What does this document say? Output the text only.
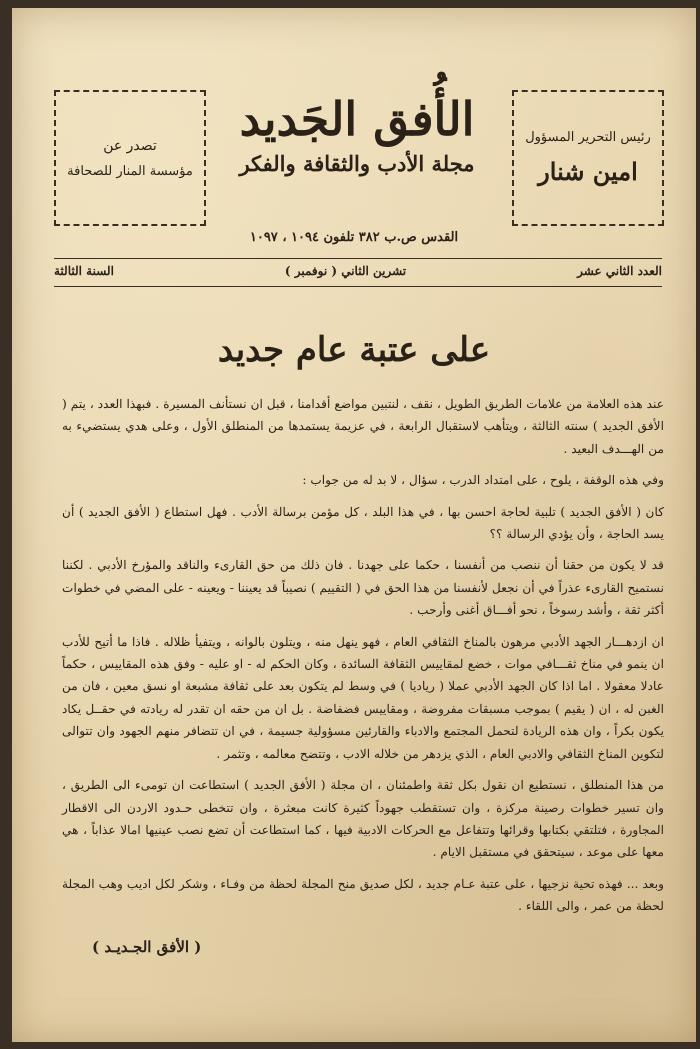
تصدر عن
مؤسسة المنار للصحافة
الأُفق الجَديد
مجلة الأدب والثقافة والفكر
رئيس التحرير المسؤول
امين شنار
القدس ص.ب ٣٨٢ تلفون ١٠٩٤ ، ١٠٩٧
العدد الثاني عشر
تشرين الثاني ( نوفمبر )
السنة الثالثة
على عتبة عام جديد

عند هذه العلامة من علامات الطريق الطويل ، نقف ، لنتبين مواضع أقدامنا ، قبل ان نستأنف المسيرة . فبهذا العدد ، يتم ( الأفق الجديد ) سنته الثالثة ، ويتأهب لاستقبال الرابعة ، في عزيمة يستمدها من المنطلق الأول ، وعلى هدي يستضيء به من الهـــدف البعيد .

وفي هذه الوقفة ، يلوح ، على امتداد الدرب ، سؤال ، لا بد له من جواب :

كان ( الأفق الجديد ) تلبية لحاجة احسن بها ، في هذا البلد ، كل مؤمن برسالة الأدب . فهل استطاع ( الأفق الجديد ) أن يسد الحاجة ، وأن يؤدي الرسالة ؟؟

قد لا يكون من حقنا أن ننصب من أنفسنا ، حكما على جهدنا . فان ذلك من حق القارىء والناقد والمؤرخ الأدبي . لكننا نستميح القارىء عذراً في أن نجعل لأنفسنا من هذا الحق في ( التقييم ) نصيباً قد يعيننا - ويعينه - على المضي في خطوات أكثر ثقة ، وأشد رسوخاً ، نحو أفـــاق أغنى وأرحب .

ان ازدهـــار الجهد الأدبي مرهون بالمناخ الثقافي العام ، فهو ينهل منه ، ويتلون بالوانه ، ويتفيأ ظلاله . فاذا ما أتيح للأدب ان ينمو في مناخ ثقـــافي موات ، خضع لمقاييس الثقافة السائدة ، وكان الحكم له - او عليه - وفق هذه المقاييس ، حكماً عادلا معقولا . اما اذا كان الجهد الأدبي عملا ( رياديا ) في وسط لم يتكون بعد على ثقافة مشبعة او نسق معين ، فان من الغبن له ، ان ( يقيم ) بموجب مسبقات مفروضة ، ومقاييس فضفاضة . بل ان من حقه ان تقدر له ريادته في حقــل يكاد يكون بكراً ، وان هذه الريادة لتحمل المجتمع والادباء والقارئين مسؤولية جسيمة ، في ان تتضافر منهم الجهود وان تتوالى لتكوين المناخ الثقافي والادبي العام ، الذي يزدهر من خلاله الادب ، وتتضح معالمه ، وتثمر .

من هذا المنطلق ، نستطيع ان نقول بكل ثقة واطمئنان ، ان مجلة ( الأفق الجديد ) استطاعت ان تومىء الى الطريق ، وان تسير خطوات رصينة مركزة ، وان تستقطب جهوداً كثيرة كانت مبعثرة ، وان تتخطى حـدود الاردن الى الاقطار المجاورة ، فتلتقي بكتابها وقرائها وتتفاعل مع الحركات الادبية فيها ، كما استطاعت أن تضع نصب عينيها امالا عذاباً ، هي معها على موعد ، سيتحقق في مستقبل الايام .

وبعد ... فهذه تحية نزجيها ، على عتبة عـام جديد ، لكل صديق منح المجلة لحظة من وفـاء ، وشكر لكل اديب وهب المجلة لحظة من عمر ، والى اللقاء .

( الأفق الجـديـد )
